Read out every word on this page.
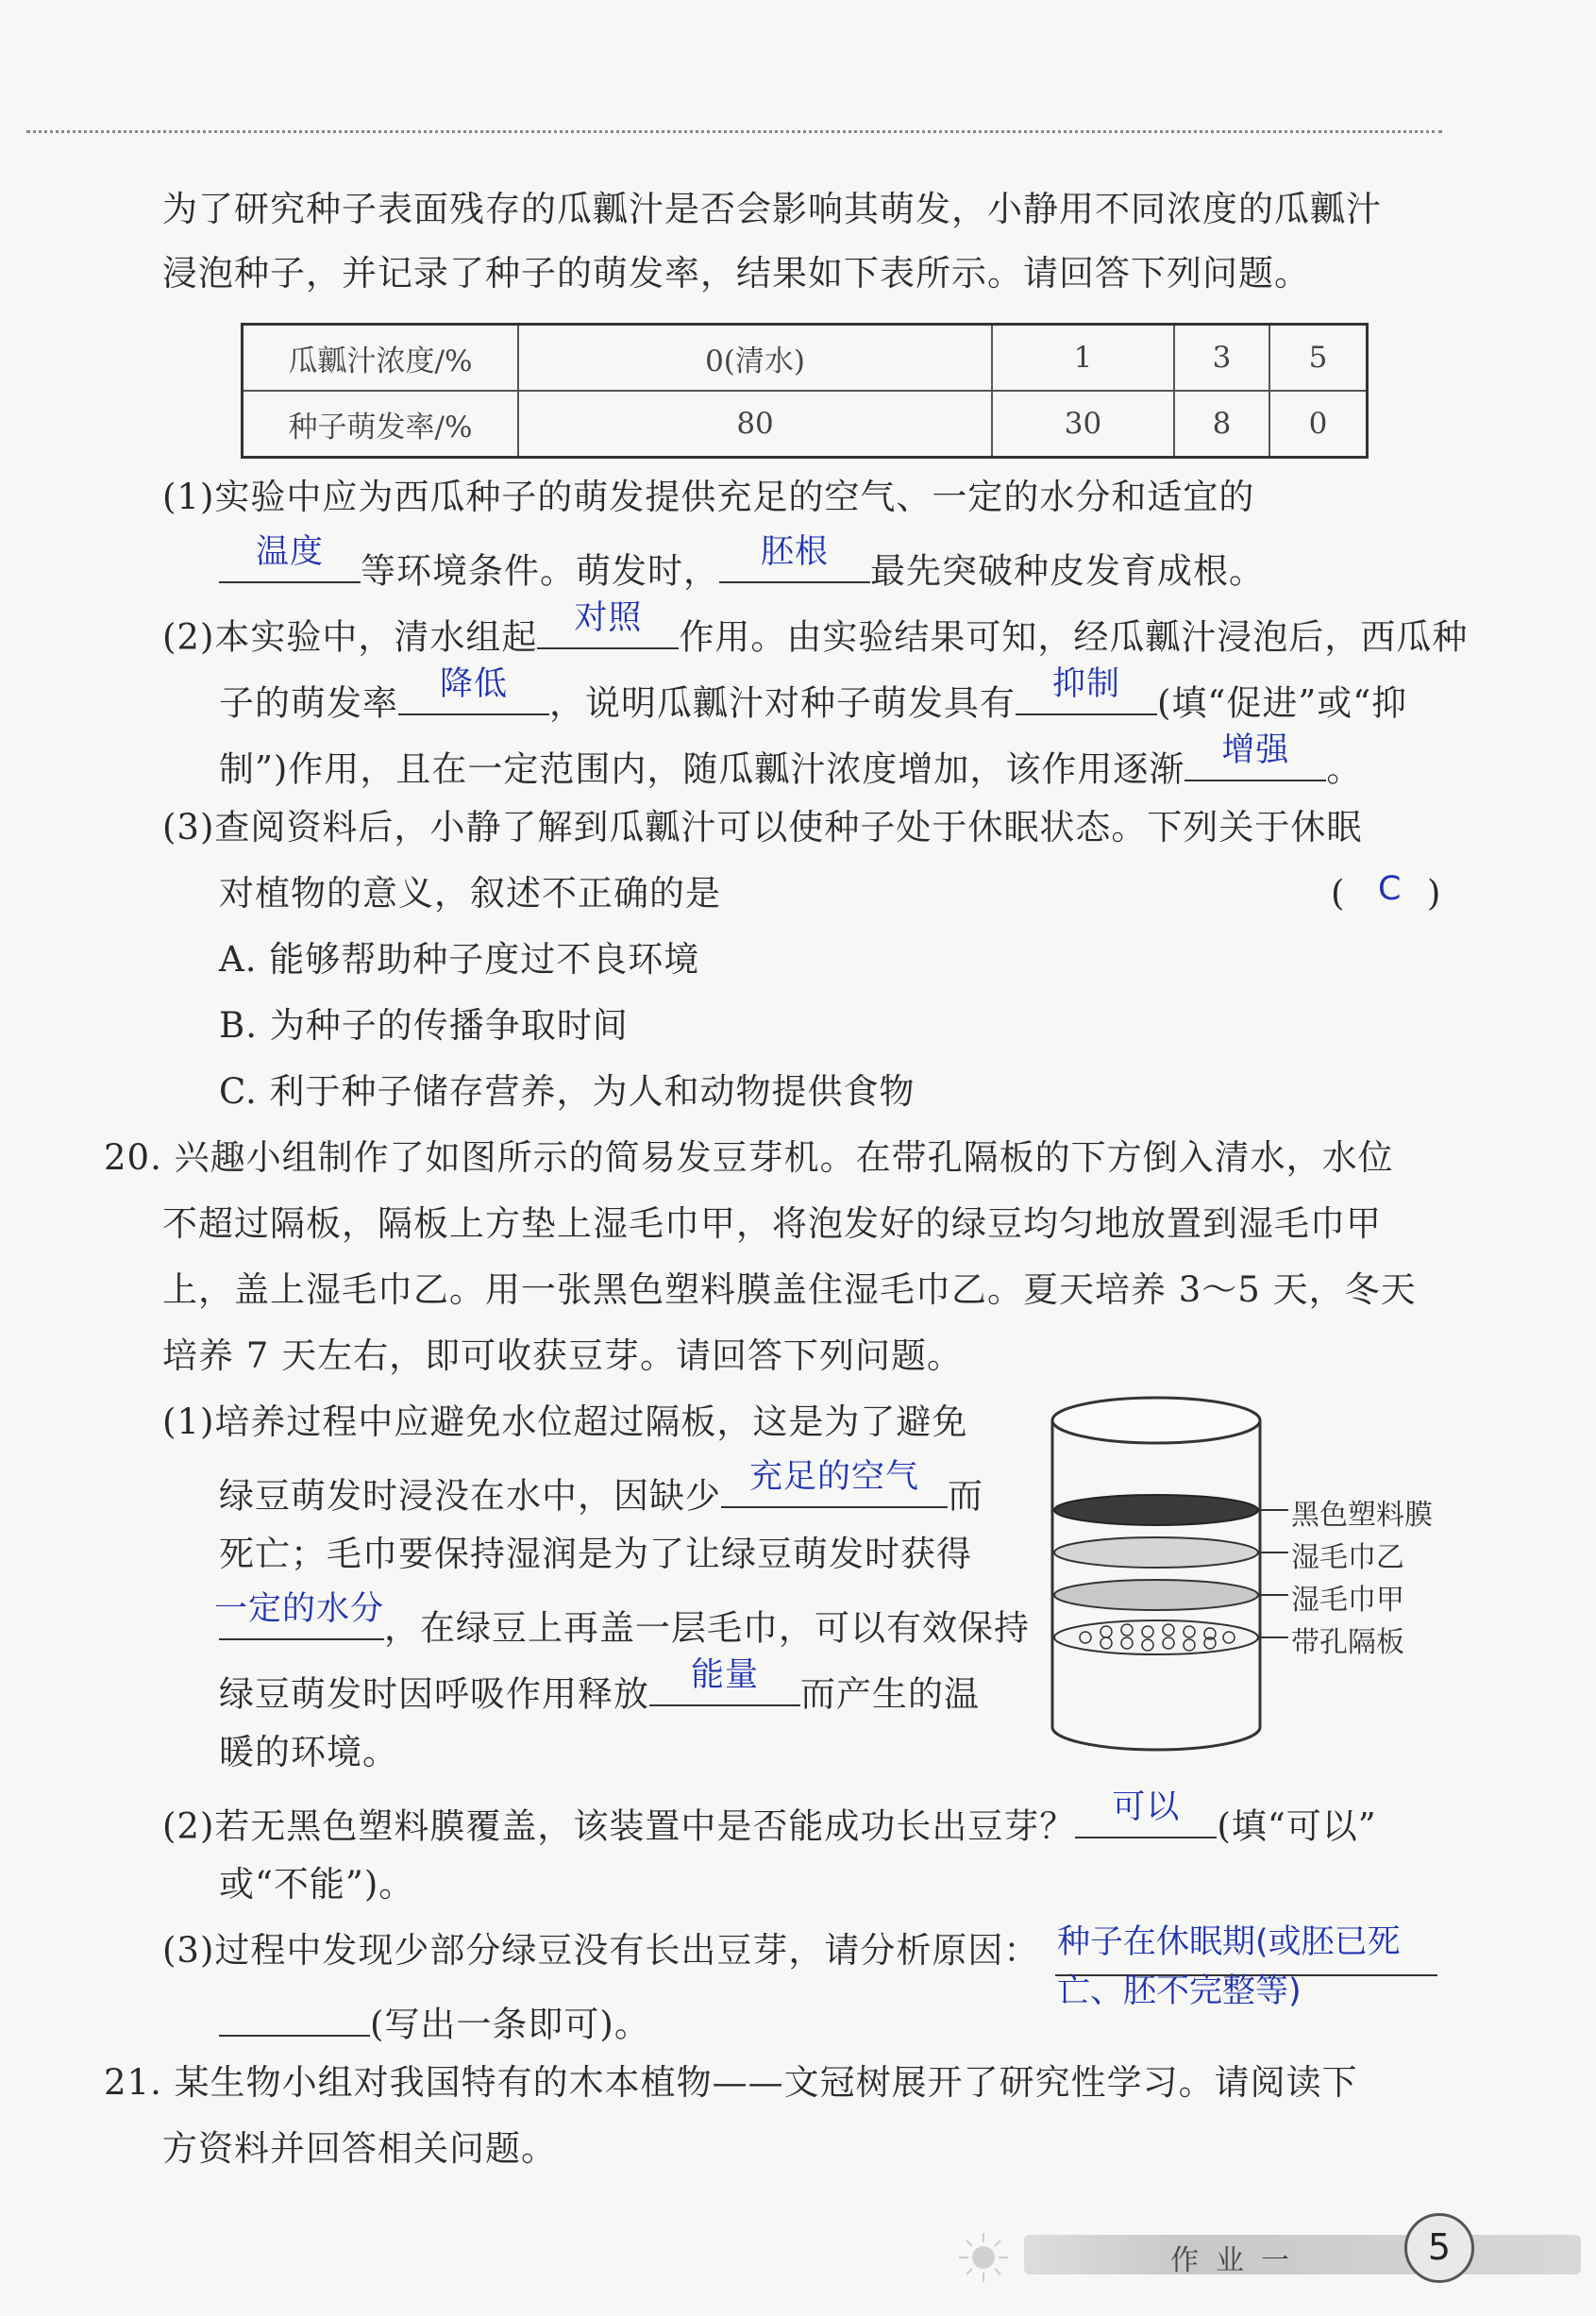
为了研究种子表面残存的瓜瓤汁是否会影响其萌发，小静用不同浓度的瓜瓤汁
浸泡种子，并记录了种子的萌发率，结果如下表所示。请回答下列问题。
瓜瓤汁浓度/%	0(清水)	1	3	5
种子萌发率/%	80	30	8	0
(1)实验中应为西瓜种子的萌发提供充足的空气、一定的水分和适宜的
温度	等环境条件。萌发时，	胚根	最先突破种皮发育成根。
(2)本实验中，清水组起	对照	作用。由实验结果可知，经瓜瓤汁浸泡后，西瓜种
子的萌发率	降低	，说明瓜瓤汁对种子萌发具有	抑制	(填“促进”或“抑
制”)作用，且在一定范围内，随瓜瓤汁浓度增加，该作用逐渐	增强	。
(3)查阅资料后，小静了解到瓜瓤汁可以使种子处于休眠状态。下列关于休眠
对植物的意义，叙述不正确的是	( C )
A. 能够帮助种子度过不良环境
B. 为种子的传播争取时间
C. 利于种子储存营养，为人和动物提供食物
20. 兴趣小组制作了如图所示的简易发豆芽机。在带孔隔板的下方倒入清水，水位
不超过隔板，隔板上方垫上湿毛巾甲，将泡发好的绿豆均匀地放置到湿毛巾甲
上，盖上湿毛巾乙。用一张黑色塑料膜盖住湿毛巾乙。夏天培养 3～5 天，冬天
培养 7 天左右，即可收获豆芽。请回答下列问题。
(1)培养过程中应避免水位超过隔板，这是为了避免
绿豆萌发时浸没在水中，因缺少 充足的空气 而
死亡；毛巾要保持湿润是为了让绿豆萌发时获得
一定的水分 ，在绿豆上再盖一层毛巾，可以有效保持
绿豆萌发时因呼吸作用释放	能量	而产生的温
暖的环境。
黑色塑料膜
湿毛巾乙
湿毛巾甲
带孔隔板
(2)若无黑色塑料膜覆盖，该装置中是否能成功长出豆芽？	可以	(填“可以”
或“不能”)。
(3)过程中发现少部分绿豆没有长出豆芽，请分析原因： 种子在休眠期(或胚已死
亡、胚不完整等)
(写出一条即可)。
21. 某生物小组对我国特有的木本植物——文冠树展开了研究性学习。请阅读下
方资料并回答相关问题。
作业一	5
